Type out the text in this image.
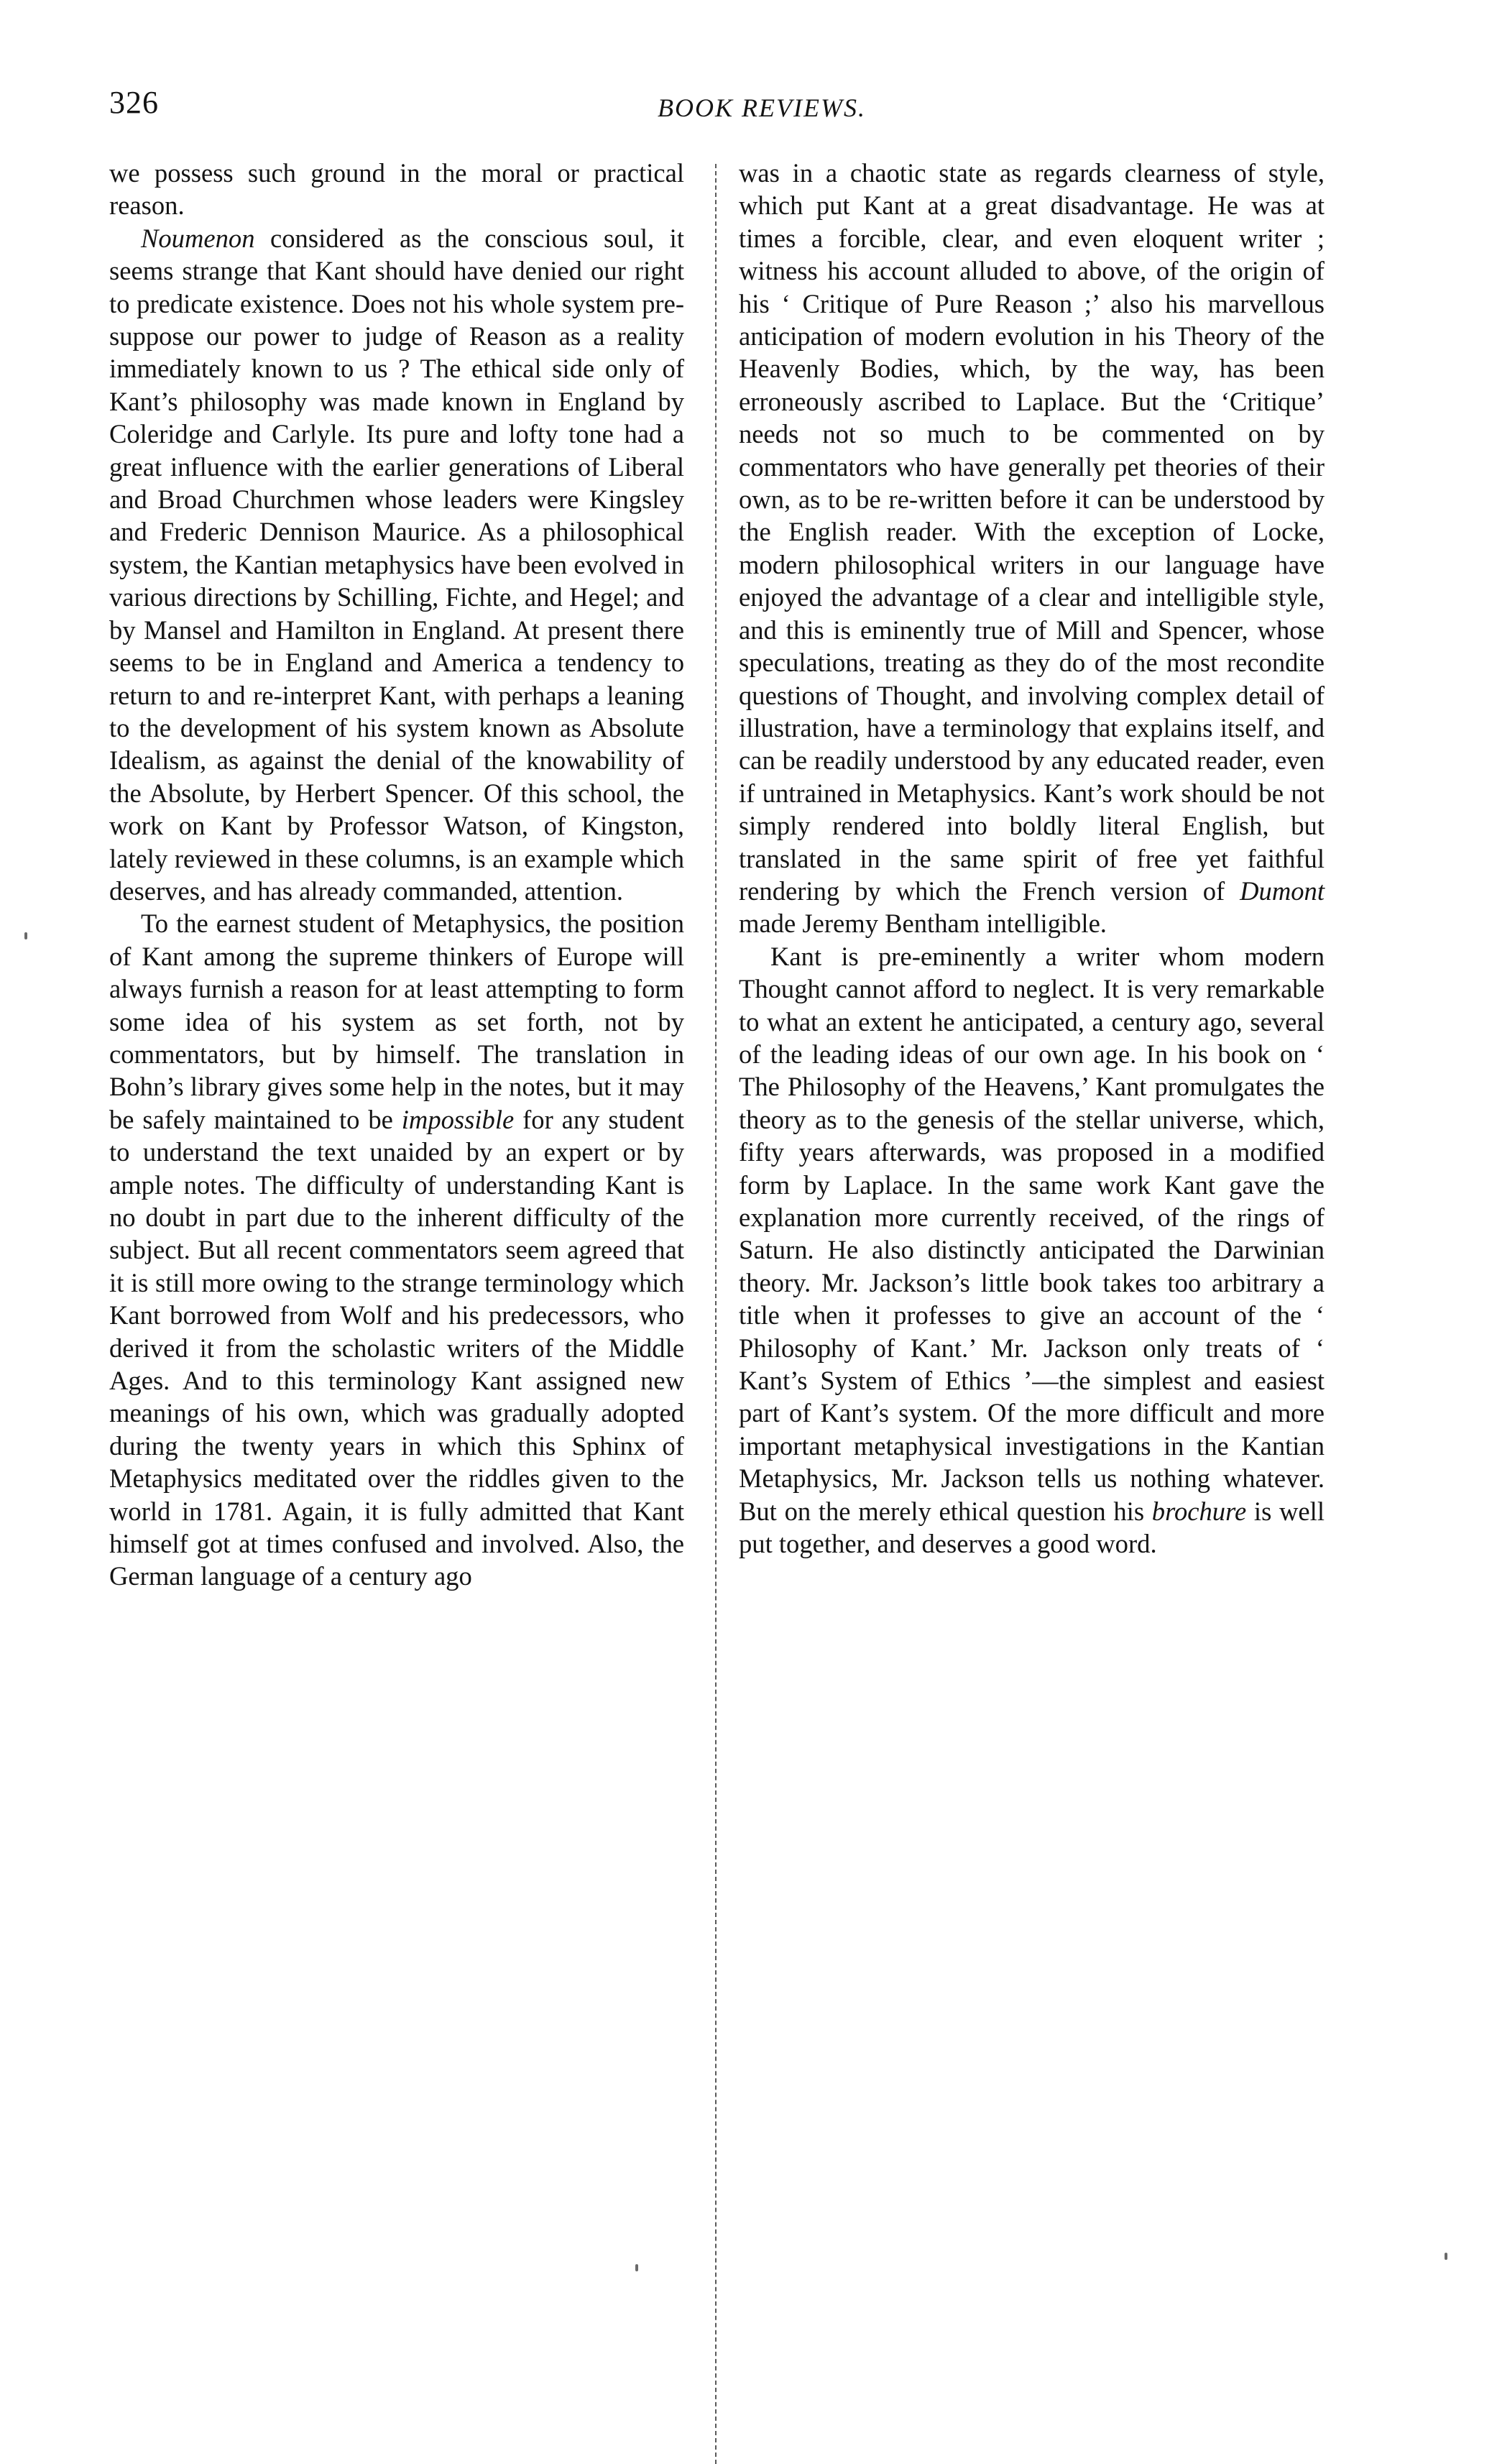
326	BOOK REVIEWS.

we possess such ground in the moral or practical reason.

Noumenon considered as the conscious soul, it seems strange that Kant should have denied our right to predicate existence. Does not his whole system pre-suppose our power to judge of Reason as a reality immediately known to us ? The ethical side only of Kant’s philosophy was made known in England by Coleridge and Carlyle. Its pure and lofty tone had a great influence with the earlier generations of Liberal and Broad Churchmen whose leaders were Kingsley and Frederic Dennison Maurice. As a philosophical system, the Kantian metaphysics have been evolved in various directions by Schilling, Fichte, and Hegel; and by Mansel and Hamilton in England. At present there seems to be in England and America a tendency to return to and re-interpret Kant, with perhaps a leaning to the development of his system known as Absolute Idealism, as against the denial of the knowability of the Absolute, by Herbert Spencer. Of this school, the work on Kant by Professor Watson, of Kingston, lately reviewed in these columns, is an example which deserves, and has already commanded, attention.

To the earnest student of Metaphysics, the position of Kant among the supreme thinkers of Europe will always furnish a reason for at least attempting to form some idea of his system as set forth, not by commentators, but by himself. The translation in Bohn’s library gives some help in the notes, but it may be safely maintained to be impossible for any student to understand the text unaided by an expert or by ample notes. The difficulty of understanding Kant is no doubt in part due to the inherent difficulty of the subject. But all recent commentators seem agreed that it is still more owing to the strange terminology which Kant borrowed from Wolf and his predecessors, who derived it from the scholastic writers of the Middle Ages. And to this terminology Kant assigned new meanings of his own, which was gradually adopted during the twenty years in which this Sphinx of Metaphysics meditated over the riddles given to the world in 1781. Again, it is fully admitted that Kant himself got at times confused and involved. Also, the German language of a century ago

was in a chaotic state as regards clearness of style, which put Kant at a great disadvantage. He was at times a forcible, clear, and even eloquent writer ; witness his account alluded to above, of the origin of his ‘ Critique of Pure Reason ;’ also his marvellous anticipation of modern evolution in his Theory of the Heavenly Bodies, which, by the way, has been erroneously ascribed to Laplace. But the ‘Critique’ needs not so much to be commented on by commentators who have generally pet theories of their own, as to be re-written before it can be understood by the English reader. With the exception of Locke, modern philosophical writers in our language have enjoyed the advantage of a clear and intelligible style, and this is eminently true of Mill and Spencer, whose speculations, treating as they do of the most recondite questions of Thought, and involving complex detail of illustration, have a terminology that explains itself, and can be readily understood by any educated reader, even if untrained in Metaphysics. Kant’s work should be not simply rendered into boldly literal English, but translated in the same spirit of free yet faithful rendering by which the French version of Dumont made Jeremy Bentham intelligible.

Kant is pre-eminently a writer whom modern Thought cannot afford to neglect. It is very remarkable to what an extent he anticipated, a century ago, several of the leading ideas of our own age. In his book on ‘ The Philosophy of the Heavens,’ Kant promulgates the theory as to the genesis of the stellar universe, which, fifty years afterwards, was proposed in a modified form by Laplace. In the same work Kant gave the explanation more currently received, of the rings of Saturn. He also distinctly anticipated the Darwinian theory. Mr. Jackson’s little book takes too arbitrary a title when it professes to give an account of the ‘ Philosophy of Kant.’ Mr. Jackson only treats of ‘ Kant’s System of Ethics ’—the simplest and easiest part of Kant’s system. Of the more difficult and more important metaphysical investigations in the Kantian Metaphysics, Mr. Jackson tells us nothing whatever. But on the merely ethical question his brochure is well put together, and deserves a good word.
